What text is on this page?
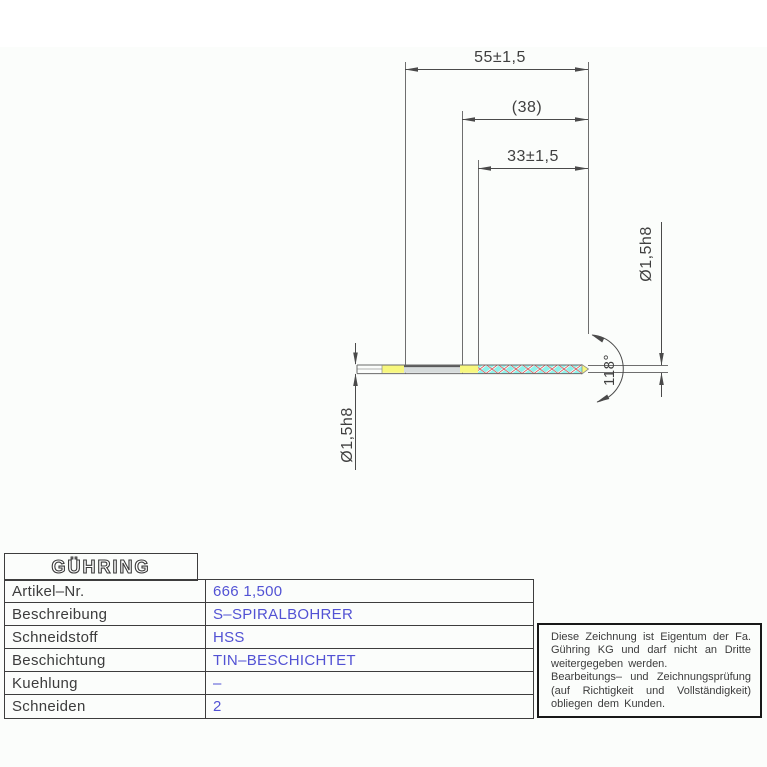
55±1,5
(38)
33±1,5
Ø1,5h8
Ø1,5h8
118°
GÜHRING
Artikel–Nr.	666 1,500
Beschreibung	S–SPIRALBOHRER
Schneidstoff	HSS
Beschichtung	TIN–BESCHICHTET
Kuehlung	–
Schneiden	2
Diese Zeichnung ist Eigentum der Fa.
Gühring KG und darf nicht an Dritte
weitergegeben werden.
Bearbeitungs– und Zeichnungsprüfung
(auf Richtigkeit und Vollständigkeit)
obliegen dem Kunden.
